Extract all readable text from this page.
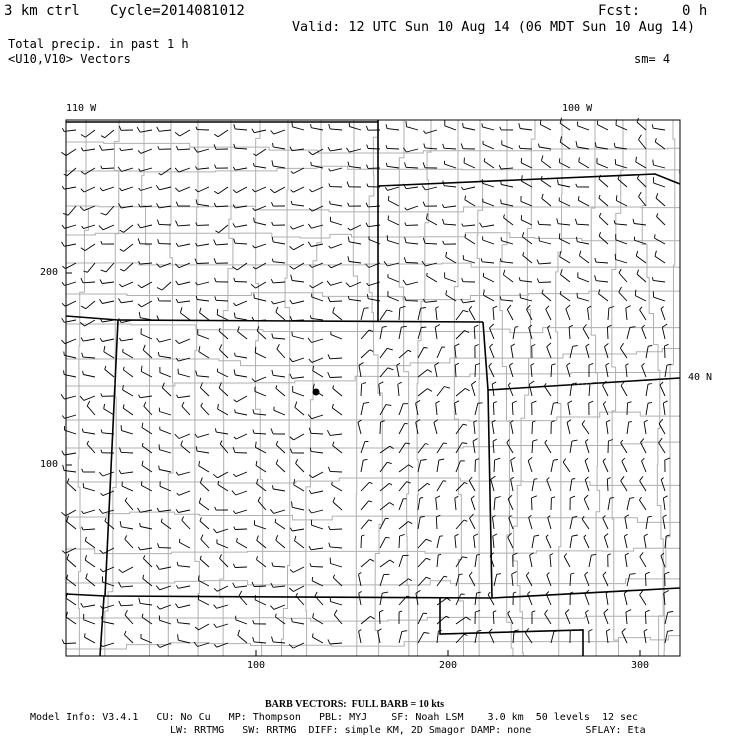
3 km ctrl Cycle=2014081012	Fcst:	0 h
Valid: 12 UTC Sun 10 Aug 14 (06 MDT Sun 10 Aug 14)
Total precip. in past 1 h
<U10,V10> Vectors	sm= 4
110 W	100 W
40 N
200
100
100	200	300
BARB VECTORS:  FULL BARB = 10 kts
Model Info: V3.4.1   CU: No Cu   MP: Thompson   PBL: MYJ    SF: Noah LSM    3.0 km  50 levels  12 sec
LW: RRTMG   SW: RRTMG  DIFF: simple KM, 2D Smagor DAMP: none         SFLAY: Eta
